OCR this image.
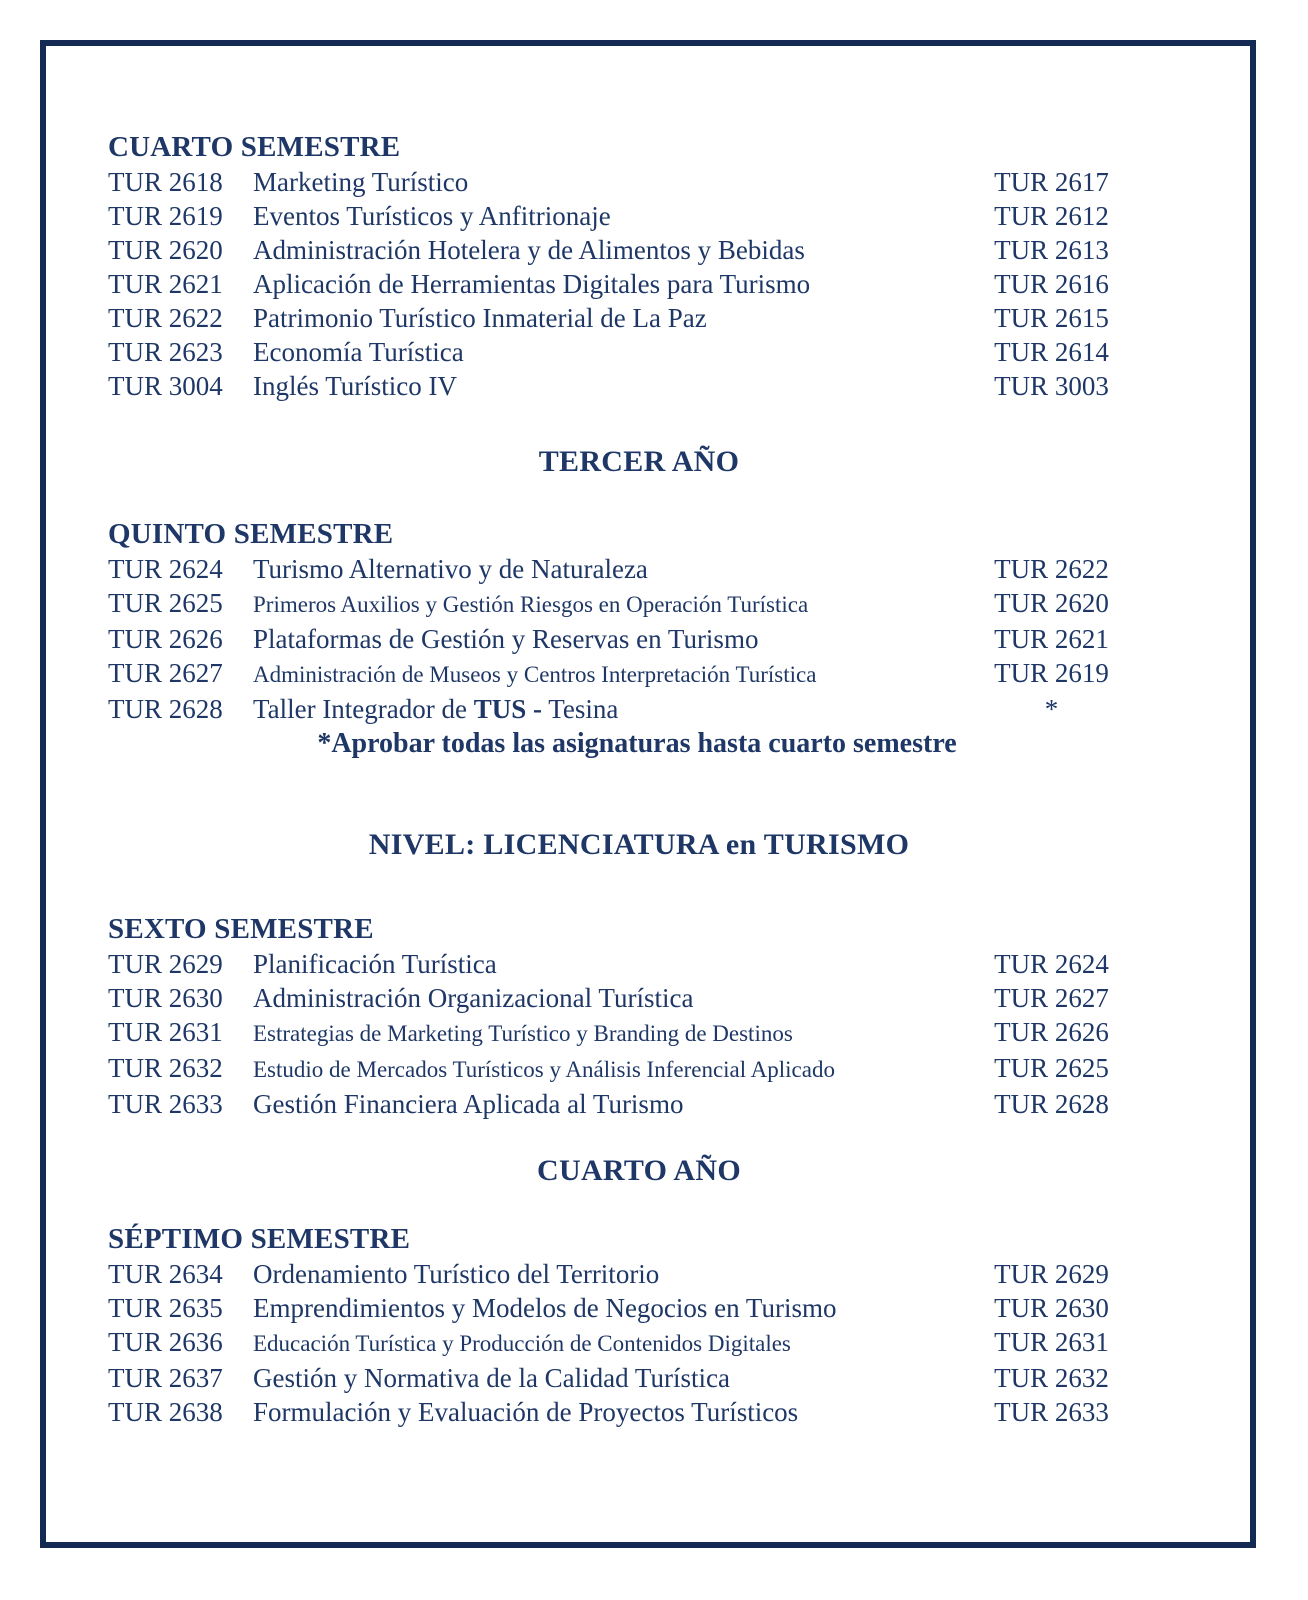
CUARTO SEMESTRE
TUR 2618	Marketing Turístico	TUR 2617
TUR 2619	Eventos Turísticos y Anfitrionaje	TUR 2612
TUR 2620	Administración Hotelera y de Alimentos y Bebidas	TUR 2613
TUR 2621	Aplicación de Herramientas Digitales para Turismo	TUR 2616
TUR 2622	Patrimonio Turístico Inmaterial de La Paz	TUR 2615
TUR 2623	Economía Turística	TUR 2614
TUR 3004	Inglés Turístico IV	TUR 3003
TERCER AÑO
QUINTO SEMESTRE
TUR 2624	Turismo Alternativo y de Naturaleza	TUR 2622
TUR 2625	Primeros Auxilios y Gestión Riesgos en Operación Turística	TUR 2620
TUR 2626	Plataformas de Gestión y Reservas en Turismo	TUR 2621
TUR 2627	Administración de Museos y Centros Interpretación Turística	TUR 2619
TUR 2628	Taller Integrador de TUS - Tesina	*
*Aprobar todas las asignaturas hasta cuarto semestre
NIVEL: LICENCIATURA en TURISMO
SEXTO SEMESTRE
TUR 2629	Planificación Turística	TUR 2624
TUR 2630	Administración Organizacional Turística	TUR 2627
TUR 2631	Estrategias de Marketing Turístico y Branding de Destinos	TUR 2626
TUR 2632	Estudio de Mercados Turísticos y Análisis Inferencial Aplicado	TUR 2625
TUR 2633	Gestión Financiera Aplicada al Turismo	TUR 2628
CUARTO AÑO
SÉPTIMO SEMESTRE
TUR 2634	Ordenamiento Turístico del Territorio	TUR 2629
TUR 2635	Emprendimientos y Modelos de Negocios en Turismo	TUR 2630
TUR 2636	Educación Turística y Producción de Contenidos Digitales	TUR 2631
TUR 2637	Gestión y Normativa de la Calidad Turística	TUR 2632
TUR 2638	Formulación y Evaluación de Proyectos Turísticos	TUR 2633
